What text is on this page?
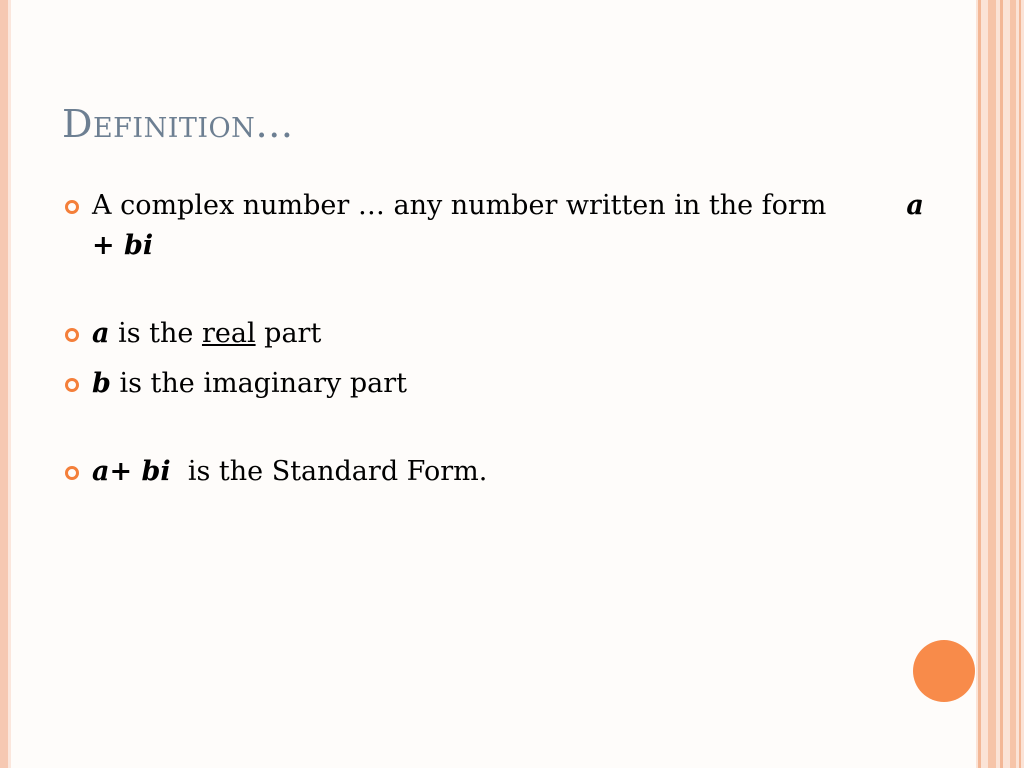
Definition…
A complex number … any number written in the form	a + bi
a is the real part
b is the imaginary part
a+ bi  is the Standard Form.
